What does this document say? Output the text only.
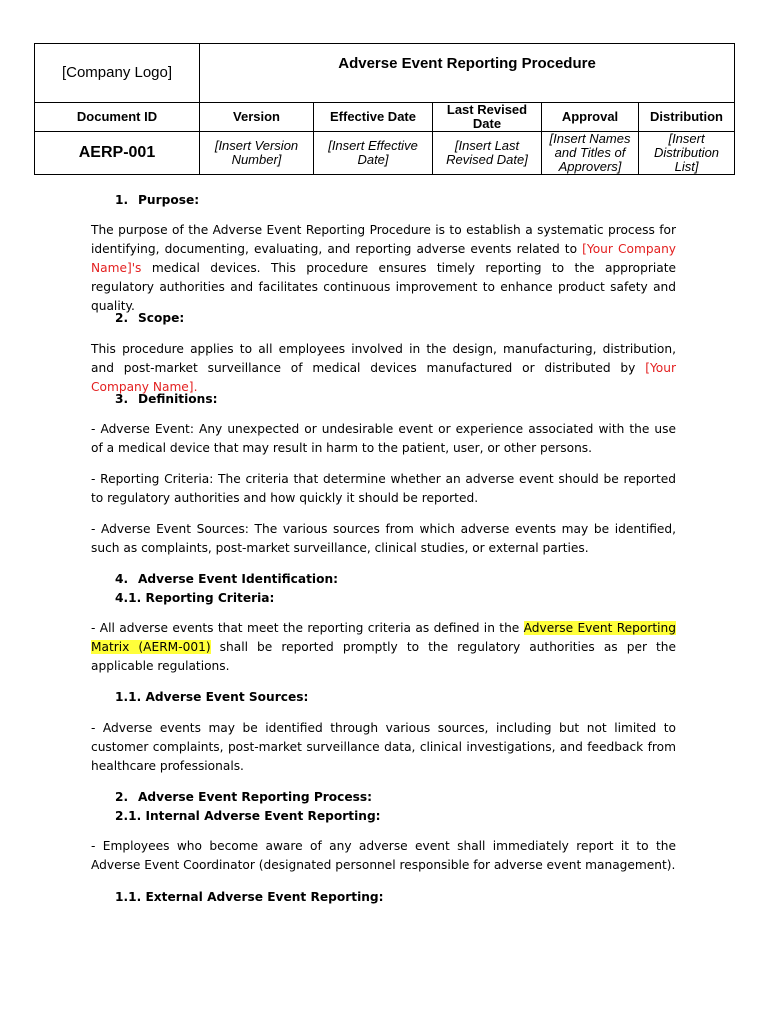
[Company Logo]	Adverse Event Reporting Procedure				
Document ID	Version	Effective Date	Last Revised Date	Approval	Distribution
AERP-001	[Insert Version Number]	[Insert Effective Date]	[Insert Last Revised Date]	[Insert Names and Titles of Approvers]	[Insert Distribution List]

1. Purpose:

The purpose of the Adverse Event Reporting Procedure is to establish a systematic process for identifying, documenting, evaluating, and reporting adverse events related to [Your Company Name]'s medical devices. This procedure ensures timely reporting to the appropriate regulatory authorities and facilitates continuous improvement to enhance product safety and quality.

2. Scope:

This procedure applies to all employees involved in the design, manufacturing, distribution, and post-market surveillance of medical devices manufactured or distributed by [Your Company Name].

3. Definitions:

- Adverse Event: Any unexpected or undesirable event or experience associated with the use of a medical device that may result in harm to the patient, user, or other persons.

- Reporting Criteria: The criteria that determine whether an adverse event should be reported to regulatory authorities and how quickly it should be reported.

- Adverse Event Sources: The various sources from which adverse events may be identified, such as complaints, post-market surveillance, clinical studies, or external parties.

4. Adverse Event Identification:

4.1. Reporting Criteria:

- All adverse events that meet the reporting criteria as defined in the Adverse Event Reporting Matrix (AERM-001) shall be reported promptly to the regulatory authorities as per the applicable regulations.

1.1. Adverse Event Sources:

- Adverse events may be identified through various sources, including but not limited to customer complaints, post-market surveillance data, clinical investigations, and feedback from healthcare professionals.

2. Adverse Event Reporting Process:

2.1. Internal Adverse Event Reporting:

- Employees who become aware of any adverse event shall immediately report it to the Adverse Event Coordinator (designated personnel responsible for adverse event management).

1.1. External Adverse Event Reporting:
